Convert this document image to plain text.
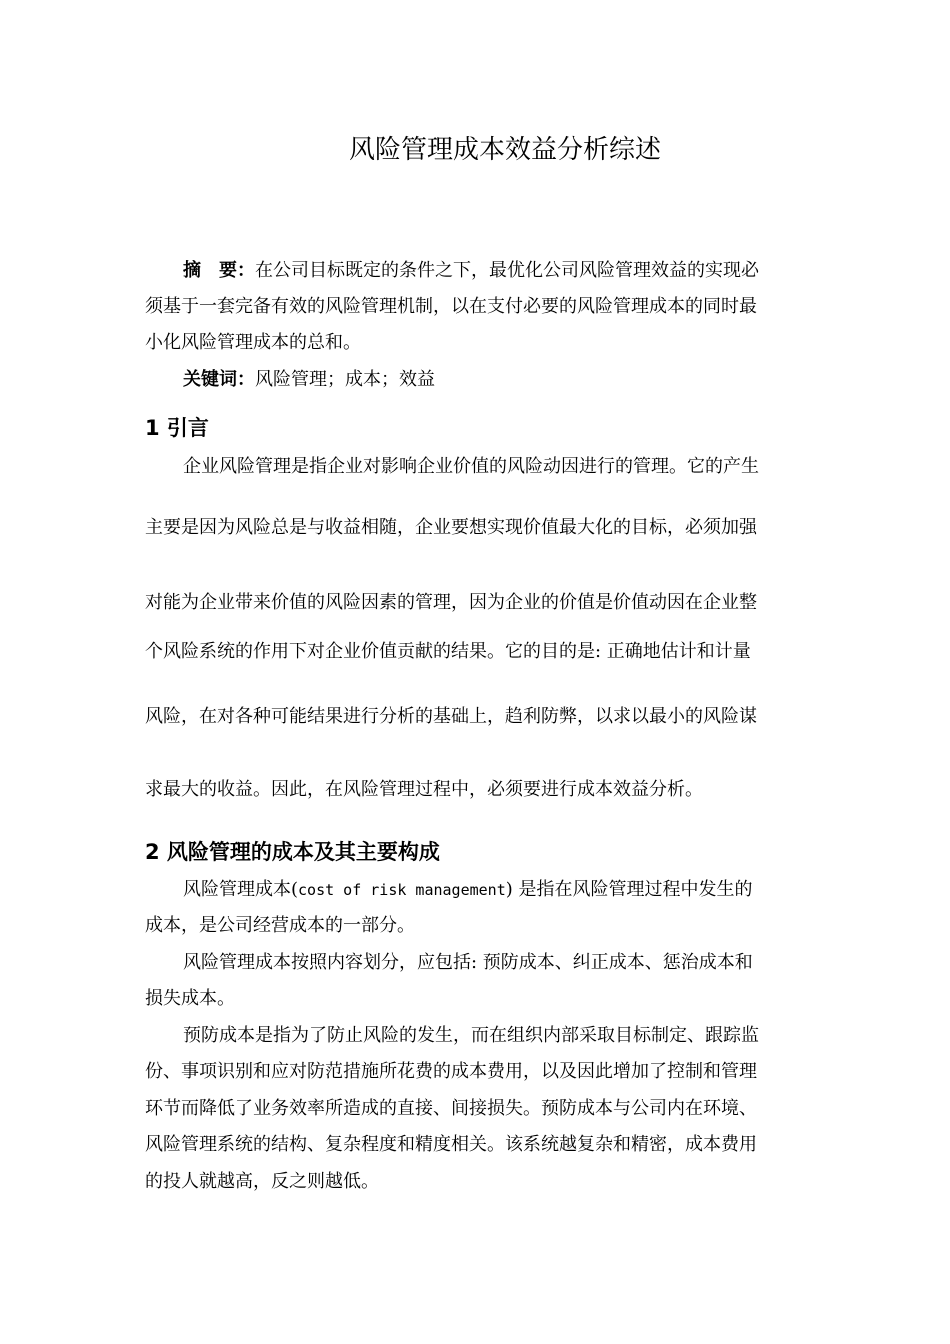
风险管理成本效益分析综述

摘　要：在公司目标既定的条件之下，最优化公司风险管理效益的实现必

须基于一套完备有效的风险管理机制，以在支付必要的风险管理成本的同时最

小化风险管理成本的总和。

关键词：风险管理；成本；效益

1 引言

企业风险管理是指企业对影响企业价值的风险动因进行的管理。它的产生

主要是因为风险总是与收益相随，企业要想实现价值最大化的目标，必须加强

对能为企业带来价值的风险因素的管理，因为企业的价值是价值动因在企业整

个风险系统的作用下对企业价值贡献的结果。它的目的是: 正确地估计和计量

风险，在对各种可能结果进行分析的基础上，趋利防弊，以求以最小的风险谋

求最大的收益。因此，在风险管理过程中，必须要进行成本效益分析。

2 风险管理的成本及其主要构成

风险管理成本(cost of risk management) 是指在风险管理过程中发生的

成本，是公司经营成本的一部分。

风险管理成本按照内容划分，应包括: 预防成本、纠正成本、惩治成本和

损失成本。

预防成本是指为了防止风险的发生，而在组织内部采取目标制定、跟踪监

份、事项识别和应对防范措施所花费的成本费用，以及因此增加了控制和管理

环节而降低了业务效率所造成的直接、间接损失。预防成本与公司内在环境、

风险管理系统的结构、复杂程度和精度相关。该系统越复杂和精密，成本费用

的投人就越高，反之则越低。
